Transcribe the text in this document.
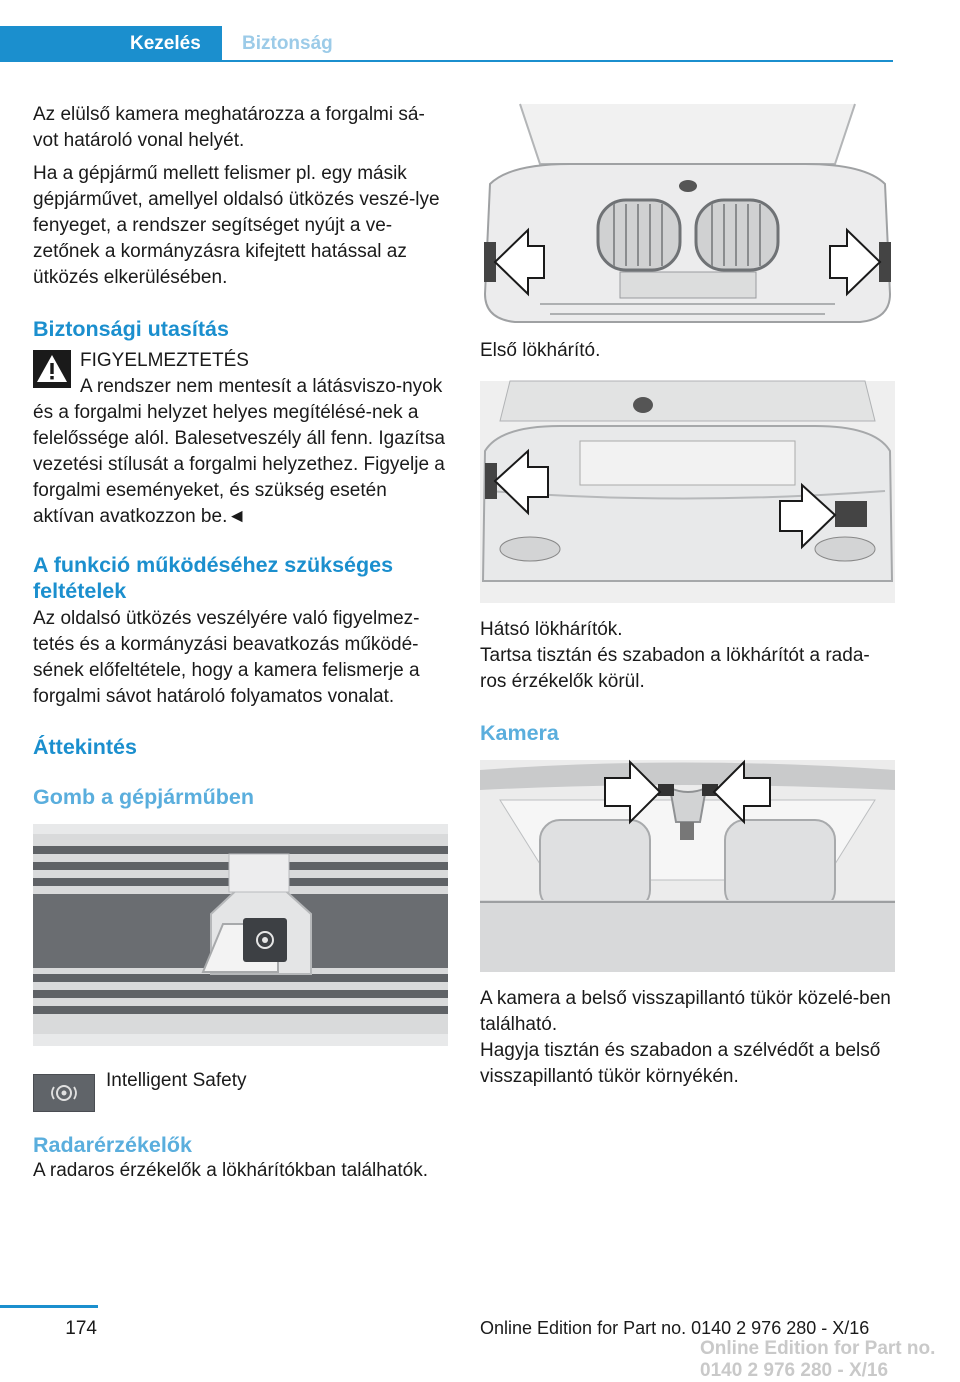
Kezelés	Biztonság

Az elülső kamera meghatározza a forgalmi sá-vot határoló vonal helyét.

Ha a gépjármű mellett felismer pl. egy másik gépjárművet, amellyel oldalsó ütközés veszé-lye fenyeget, a rendszer segítséget nyújt a ve-zetőnek a kormányzásra kifejtett hatással az ütközés elkerülésében.

Biztonsági utasítás

FIGYELMEZTETÉS

A rendszer nem mentesít a látásviszo-nyok és a forgalmi helyzet helyes megítélésé-nek a felelőssége alól. Balesetveszély áll fenn. Igazítsa vezetési stílusát a forgalmi helyzethez. Figyelje a forgalmi eseményeket, és szükség esetén aktívan avatkozzon be.◄

A funkció működéséhez szükséges feltételek

Az oldalsó ütközés veszélyére való figyelmez-tetés és a kormányzási beavatkozás működé-sének előfeltétele, hogy a kamera felismerje a forgalmi sávot határoló folyamatos vonalat.

Áttekintés
Gomb a gépjárműben
Intelligent Safety
Radarérzékelők

A radaros érzékelők a lökhárítókban találhatók.

Első lökhárító.

Hátsó lökhárítók.

Tartsa tisztán és szabadon a lökhárítót a rada-ros érzékelők körül.

Kamera

A kamera a belső visszapillantó tükör közelé-ben található.

Hagyja tisztán és szabadon a szélvédőt a belső visszapillantó tükör környékén.

174	Online Edition for Part no. 0140 2 976 280 - X/16
Online Edition for Part no. 0140 2 976 280 - X/16
